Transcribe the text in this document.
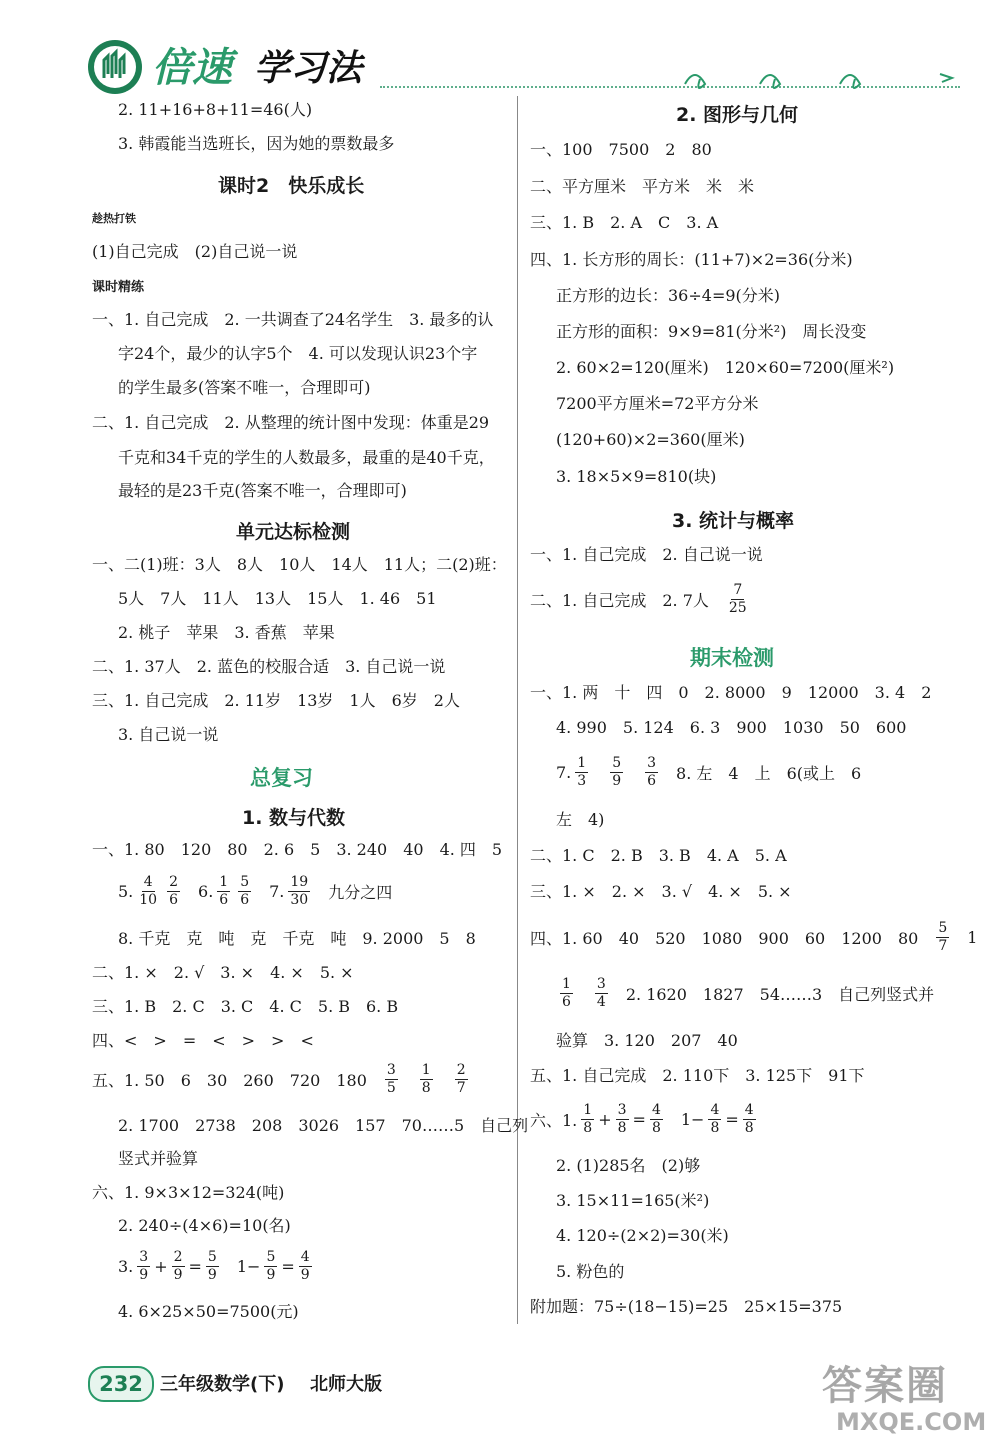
倍速 学习法
2. 11+16+8+11=46(人)
3. 韩霞能当选班长，因为她的票数最多
课时2　快乐成长
趁热打铁
(1)自己完成　(2)自己说一说
课时精练
一、1. 自己完成　2. 一共调查了24名学生　3. 最多的认
字24个，最少的认字5个　4. 可以发现认识23个字
的学生最多(答案不唯一，合理即可)
二、1. 自己完成　2. 从整理的统计图中发现：体重是29
千克和34千克的学生的人数最多，最重的是40千克，
最轻的是23千克(答案不唯一，合理即可)
单元达标检测
一、二(1)班：3人　8人　10人　14人　11人；二(2)班：
5人　7人　11人　13人　15人　1. 46　51
2. 桃子　苹果　3. 香蕉　苹果
二、1. 37人　2. 蓝色的校服合适　3. 自己说一说
三、1. 自己完成　2. 11岁　13岁　1人　6岁　2人
3. 自己说一说
总复习
1. 数与代数
一、1. 80　120　80　2. 6　5　3. 240　40　4. 四　5
5. $\frac{4}{10} \frac{2}{6} 6$. $\frac{1}{6} \frac{5}{6} 7$. $\frac{19}{30}$ 九分之四
8. 千克　克　吨　克　千克　吨　9. 2000　5　8
二、1. ×　2. √　3. ×　4. ×　5. ×
三、1. B　2. C　3. C　4. C　5. B　6. B
四、<　>　=　<　>　>　<
五、1. 50　6　30　260　720　$180 \frac{3}{5} \frac{1}{8} \frac{2}{7}$
2. 1700　2738　208　3026　157　70……5　自己列
竖式并验算
六、1. 9×3×12=324(吨)
2. 240÷(4×6)=10(名)
3. $\frac{3}{9} + \frac{2}{9} = \frac{5}{9} 1- \frac{5}{9} = \frac{4}{9}$
4. 6×25×50=7500(元)
2. 图形与几何
一、100　7500　2　80
二、平方厘米　平方米　米　米
三、1. B　2. A　C　3. A
四、1. 长方形的周长：(11+7)×2=36(分米)
正方形的边长：36÷4=9(分米)
正方形的面积：9×9=81(分米²)　周长没变
2. 60×2=120(厘米)　120×60=7200(厘米²)
7200平方厘米=72平方分米
(120+60)×2=360(厘米)
3. 18×5×9=810(块)
3. 统计与概率
一、1. 自己完成　2. 自己说一说
二、1. 自己完成　2. 7人 $\frac{7}{25}$
期末检测
一、1. 两　十　四　0　2. 8000　9　12000　3. 4　2
4. 990　5. 124　6. 3　900　1030　50　600
7. $\frac{1}{3} \frac{5}{9} \frac{3}{6} 8$. 左　4　上　6(或上　6
左　4)
二、1. C　2. B　3. B　4. A　5. A
三、1. ×　2. ×　3. √　4. ×　5. ×
四、1. 60　40　520　1080　900　60　1200　$80 \frac{5}{7} 1$
$\frac{1}{6} \frac{3}{4} 2$. 1620　1827　54……3　自己列竖式并
验算　3. 120　207　40
五、1. 自己完成　2. 110下　3. 125下　91下
六、1. $\frac{1}{8} + \frac{3}{8} = \frac{4}{8} 1- \frac{4}{8} = \frac{4}{8}$
2. (1)285名　(2)够
3. 15×11=165(米²)
4. 120÷(2×2)=30(米)
5. 粉色的
附加题：75÷(18−15)=25　25×15=375
232 三年级数学(下) 北师大版	答案圈
MXQE.COM
